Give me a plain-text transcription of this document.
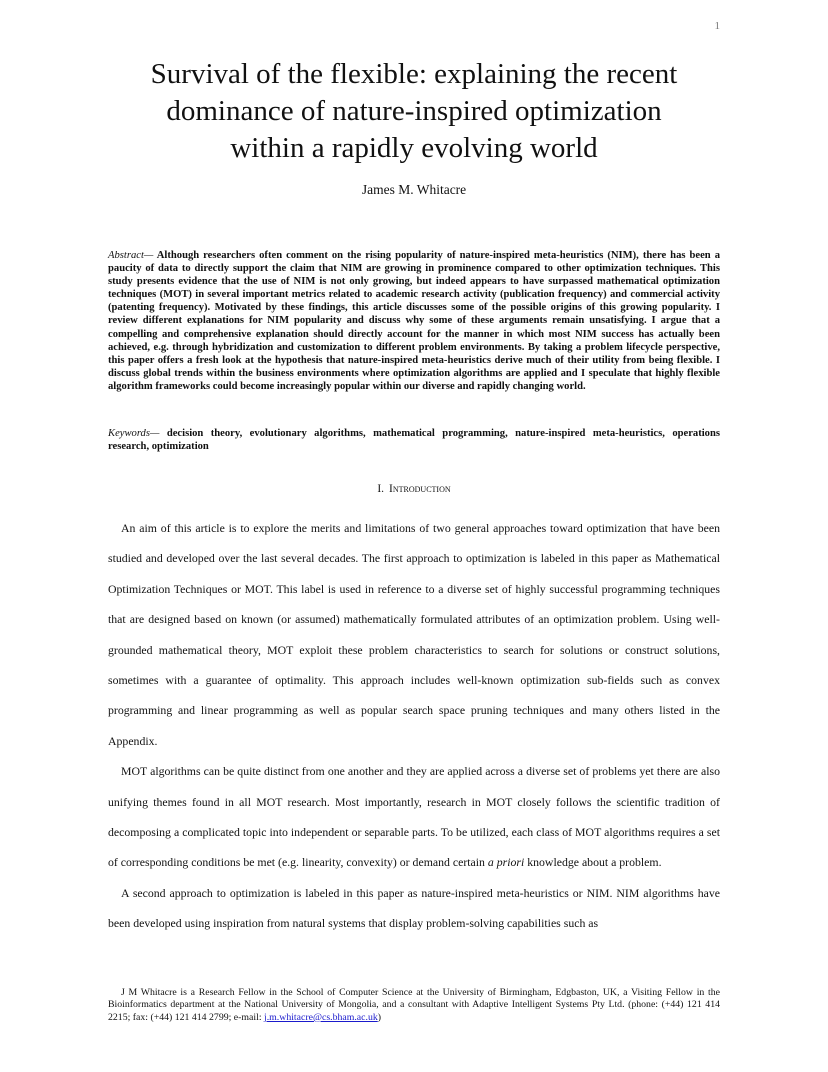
1
Survival of the flexible: explaining the recent
dominance of nature-inspired optimization
within a rapidly evolving world
James M. Whitacre

Abstract— Although researchers often comment on the rising popularity of nature-inspired meta-heuristics (NIM), there has been a paucity of data to directly support the claim that NIM are growing in prominence compared to other optimization techniques. This study presents evidence that the use of NIM is not only growing, but indeed appears to have surpassed mathematical optimization techniques (MOT) in several important metrics related to academic research activity (publication frequency) and commercial activity (patenting frequency). Motivated by these findings, this article discusses some of the possible origins of this growing popularity. I review different explanations for NIM popularity and discuss why some of these arguments remain unsatisfying. I argue that a compelling and comprehensive explanation should directly account for the manner in which most NIM success has actually been achieved, e.g. through hybridization and customization to different problem environments. By taking a problem lifecycle perspective, this paper offers a fresh look at the hypothesis that nature-inspired meta-heuristics derive much of their utility from being flexible. I discuss global trends within the business environments where optimization algorithms are applied and I speculate that highly flexible algorithm frameworks could become increasingly popular within our diverse and rapidly changing world.

Keywords— decision theory, evolutionary algorithms, mathematical programming, nature-inspired meta-heuristics, operations research, optimization

I. Introduction

An aim of this article is to explore the merits and limitations of two general approaches toward optimization that have been studied and developed over the last several decades. The first approach to optimization is labeled in this paper as Mathematical Optimization Techniques or MOT. This label is used in reference to a diverse set of highly successful programming techniques that are designed based on known (or assumed) mathematically formulated attributes of an optimization problem. Using well-grounded mathematical theory, MOT exploit these problem characteristics to search for solutions or construct solutions, sometimes with a guarantee of optimality. This approach includes well-known optimization sub-fields such as convex programming and linear programming as well as popular search space pruning techniques and many others listed in the Appendix.

MOT algorithms can be quite distinct from one another and they are applied across a diverse set of problems yet there are also unifying themes found in all MOT research. Most importantly, research in MOT closely follows the scientific tradition of decomposing a complicated topic into independent or separable parts. To be utilized, each class of MOT algorithms requires a set of corresponding conditions be met (e.g. linearity, convexity) or demand certain a priori knowledge about a problem.

A second approach to optimization is labeled in this paper as nature-inspired meta-heuristics or NIM. NIM algorithms have been developed using inspiration from natural systems that display problem-solving capabilities such as

J M Whitacre is a Research Fellow in the School of Computer Science at the University of Birmingham, Edgbaston, UK, a Visiting Fellow in the Bioinformatics department at the National University of Mongolia, and a consultant with Adaptive Intelligent Systems Pty Ltd. (phone: (+44) 121 414 2215; fax: (+44) 121 414 2799; e-mail: j.m.whitacre@cs.bham.ac.uk)
